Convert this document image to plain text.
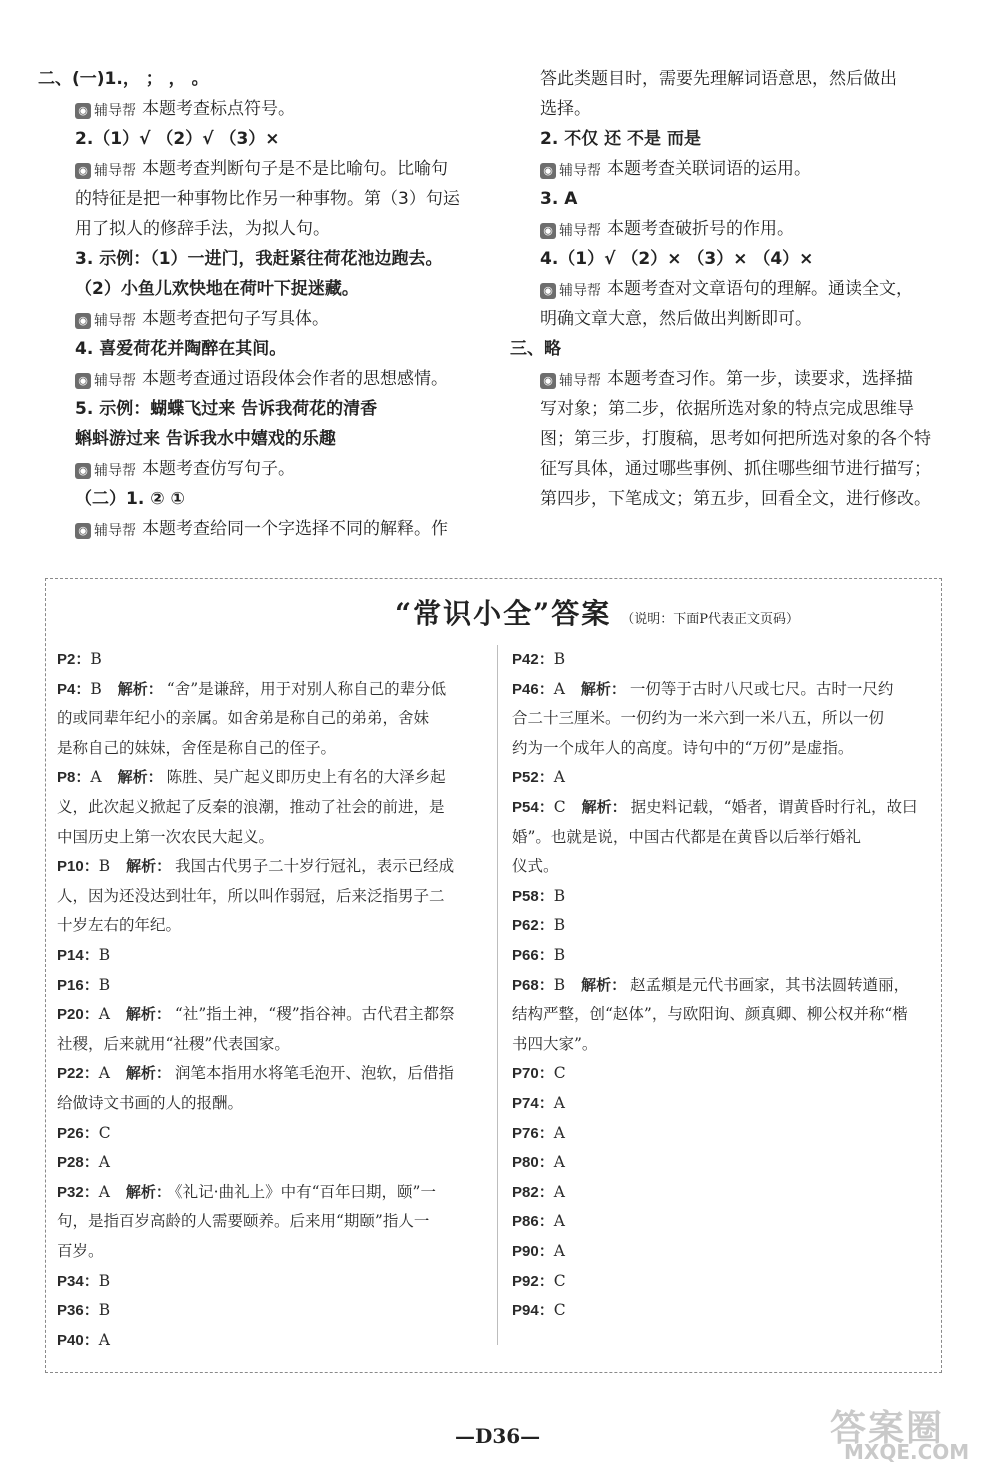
二、(一)1.， ； ， 。
◉ 辅导帮 本题考查标点符号。
2.（1）√ （2）√ （3）×
◉ 辅导帮 本题考查判断句子是不是比喻句。比喻句
的特征是把一种事物比作另一种事物。第（3）句运
用了拟人的修辞手法，为拟人句。
3. 示例：（1）一进门，我赶紧往荷花池边跑去。
（2）小鱼儿欢快地在荷叶下捉迷藏。
◉ 辅导帮 本题考查把句子写具体。
4. 喜爱荷花并陶醉在其间。
◉ 辅导帮 本题考查通过语段体会作者的思想感情。
5. 示例：蝴蝶飞过来 告诉我荷花的清香
蝌蚪游过来 告诉我水中嬉戏的乐趣
◉ 辅导帮 本题考查仿写句子。
（二）1. ② ①
◉ 辅导帮 本题考查给同一个字选择不同的解释。作
答此类题目时，需要先理解词语意思，然后做出
选择。
2. 不仅 还 不是 而是
◉ 辅导帮 本题考查关联词语的运用。
3. A
◉ 辅导帮 本题考查破折号的作用。
4.（1）√ （2）× （3）× （4）×
◉ 辅导帮 本题考查对文章语句的理解。通读全文，
明确文章大意，然后做出判断即可。
三、略
◉ 辅导帮 本题考查习作。第一步，读要求，选择描
写对象；第二步，依据所选对象的特点完成思维导
图；第三步，打腹稿，思考如何把所选对象的各个特
征写具体，通过哪些事例、抓住哪些细节进行描写；
第四步，下笔成文；第五步，回看全文，进行修改。
“常识小全”答案 （说明：下面P代表正文页码）
P2：B
P4：B 解析： “舍”是谦辞，用于对别人称自己的辈分低
的或同辈年纪小的亲属。如舍弟是称自己的弟弟，舍妹
是称自己的妹妹，舍侄是称自己的侄子。
P8：A 解析： 陈胜、吴广起义即历史上有名的大泽乡起
义，此次起义掀起了反秦的浪潮，推动了社会的前进，是
中国历史上第一次农民大起义。
P10：B 解析： 我国古代男子二十岁行冠礼，表示已经成
人，因为还没达到壮年，所以叫作弱冠，后来泛指男子二
十岁左右的年纪。
P14：B
P16：B
P20：A 解析： “社”指土神，“稷”指谷神。古代君主都祭
社稷，后来就用“社稷”代表国家。
P22：A 解析： 润笔本指用水将笔毛泡开、泡软，后借指
给做诗文书画的人的报酬。
P26：C
P28：A
P32：A 解析： 《礼记·曲礼上》中有“百年曰期，颐”一
句，是指百岁高龄的人需要颐养。后来用“期颐”指人一
百岁。
P34：B
P36：B
P40：A
P42：B
P46：A 解析： 一仞等于古时八尺或七尺。古时一尺约
合二十三厘米。一仞约为一米六到一米八五，所以一仞
约为一个成年人的高度。诗句中的“万仞”是虚指。
P52：A
P54：C 解析： 据史料记载，“婚者，谓黄昏时行礼，故曰
婚”。也就是说，中国古代都是在黄昏以后举行婚礼
仪式。
P58：B
P62：B
P66：B
P68：B 解析： 赵孟頫是元代书画家，其书法圆转遒丽，
结构严整，创“赵体”，与欧阳询、颜真卿、柳公权并称“楷
书四大家”。
P70：C
P74：A
P76：A
P80：A
P82：A
P86：A
P90：A
P92：C
P94：C
—D36—	答案圈
MXQE.COM
